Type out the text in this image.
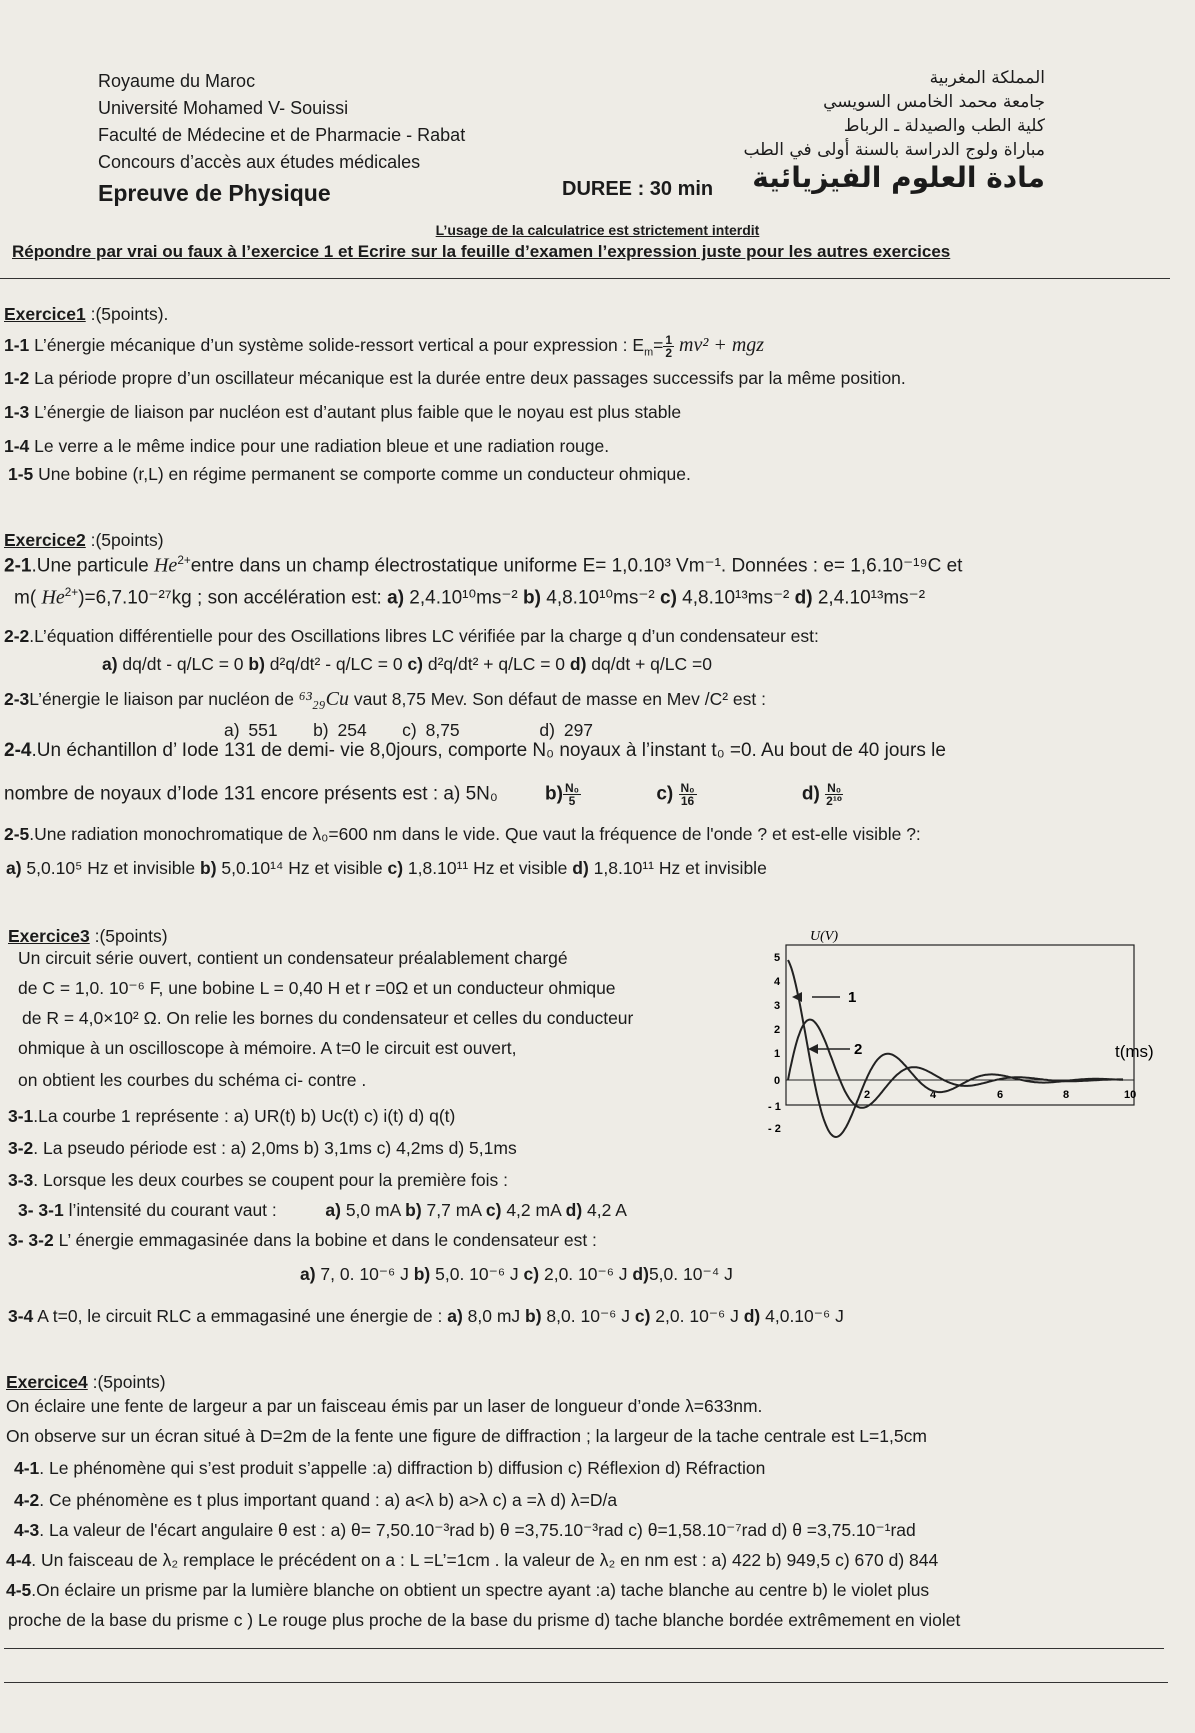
Royaume du Maroc
Université Mohamed V- Souissi
Faculté de Médecine et de Pharmacie - Rabat
Concours d’accès aux études médicales
Epreuve de Physique	DUREE : 30 min
المملكة المغربية
جامعة محمد الخامس السويسي
كلية الطب والصيدلة ـ الرباط
مباراة ولوج الدراسة بالسنة أولى في الطب
مادة العلوم الفيزيائية
L’usage de la calculatrice est strictement interdit
Répondre par vrai ou faux à l’exercice 1 et Ecrire sur la feuille d’examen l’expression juste pour les autres exercices
Exercice1 :(5points).
1-1 L’énergie mécanique d’un système solide-ressort vertical a pour expression : $E_m= \frac{1}{2} mv^2$ + mgz
1-2 La période propre d’un oscillateur mécanique est la durée entre deux passages successifs par la même position.
1-3 L’énergie de liaison par nucléon est d’autant plus faible que le noyau est plus stable
1-4 Le verre a le même indice pour une radiation bleue et une radiation rouge.
1-5 Une bobine (r,L) en régime permanent se comporte comme un conducteur ohmique.
Exercice2 :(5points)
2-1.Une particule $He^{2+}entre$ dans un champ électrostatique uniforme E= 1,0.10³ Vm⁻¹. Données : e= 1,6.10⁻¹⁹C et
m( $He^{2+})=6,7.10^{-27}kg$ ; son accélération est: a) 2,4.10¹⁰ms⁻² b) 4,8.10¹⁰ms⁻² c) 4,8.10¹³ms⁻² d) 2,4.10¹³ms⁻²
2-2.L’équation différentielle pour des Oscillations libres LC vérifiée par la charge q d’un condensateur est:
a) dq/dt - q/LC = 0 b) d²q/dt² - q/LC = 0 c) d²q/dt² + q/LC = 0 d) dq/dt + q/LC =0
2-3L’énergie le liaison par nucléon de ⁶³₂₉Cu vaut 8,75 Mev. Son défaut de masse en Mev /C² est :
a) 551 b) 254 c) 8,75	d) 297
2-4.Un échantillon d’ Iode 131 de demi- vie 8,0jours, comporte N₀ noyaux à l’instant t₀ =0. Au bout de 40 jours le
nombre de noyaux d’Iode 131 encore présents est : a) 5N₀ $b) \frac{\text{N₀}}{5}$	$c) \frac{\text{N₀}}{16}$	$d) \frac{\text{N₀}}{\text{2¹⁰}}$
2-5.Une radiation monochromatique de λ₀=600 nm dans le vide. Que vaut la fréquence de l'onde ? et est-elle visible ?:
a) 5,0.10⁵ Hz et invisible b) 5,0.10¹⁴ Hz et visible c) 1,8.10¹¹ Hz et visible d) 1,8.10¹¹ Hz et invisible
Exercice3 :(5points)
Un circuit série ouvert, contient un condensateur préalablement chargé
de C = 1,0. 10⁻⁶ F, une bobine L = 0,40 H et r =0Ω et un conducteur ohmique
de R = 4,0×10² Ω. On relie les bornes du condensateur et celles du conducteur
ohmique à un oscilloscope à mémoire. A t=0 le circuit est ouvert,
on obtient les courbes du schéma ci- contre .
3-1.La courbe 1 représente : a) UR(t) b) Uc(t) c) i(t) d) q(t)
3-2. La pseudo période est : a) 2,0ms b) 3,1ms c) 4,2ms d) 5,1ms
3-3. Lorsque les deux courbes se coupent pour la première fois :
3- 3-1 l’intensité du courant vaut :	a) 5,0 mA b) 7,7 mA c) 4,2 mA d) 4,2 A
3- 3-2 L’ énergie emmagasinée dans la bobine et dans le condensateur est :
a) 7, 0. 10⁻⁶ J b) 5,0. 10⁻⁶ J c) 2,0. 10⁻⁶ J d)5,0. 10⁻⁴ J
3-4 A t=0, le circuit RLC a emmagasiné une énergie de : a) 8,0 mJ b) 8,0. 10⁻⁶ J c) 2,0. 10⁻⁶ J d) 4,0.10⁻⁶ J
U(V)
t(ms)
5
4
3
2
1
0
- 1
- 2
2	4	6	8	10
1
2
Exercice4 :(5points)
On éclaire une fente de largeur a par un faisceau émis par un laser de longueur d’onde λ=633nm.
On observe sur un écran situé à D=2m de la fente une figure de diffraction ; la largeur de la tache centrale est L=1,5cm
4-1. Le phénomène qui s’est produit s’appelle :a) diffraction b) diffusion c) Réflexion d) Réfraction
4-2. Ce phénomène es t plus important quand : a) a<λ b) a>λ c) a =λ d) λ=D/a
4-3. La valeur de l'écart angulaire θ est : a) θ= 7,50.10⁻³rad b) θ =3,75.10⁻³rad c) θ=1,58.10⁻⁷rad d) θ =3,75.10⁻¹rad
4-4. Un faisceau de λ₂ remplace le précédent on a : L =L’=1cm . la valeur de λ₂ en nm est : a) 422 b) 949,5 c) 670 d) 844
4-5.On éclaire un prisme par la lumière blanche on obtient un spectre ayant :a) tache blanche au centre b) le violet plus
proche de la base du prisme c ) Le rouge plus proche de la base du prisme d) tache blanche bordée extrêmement en violet
